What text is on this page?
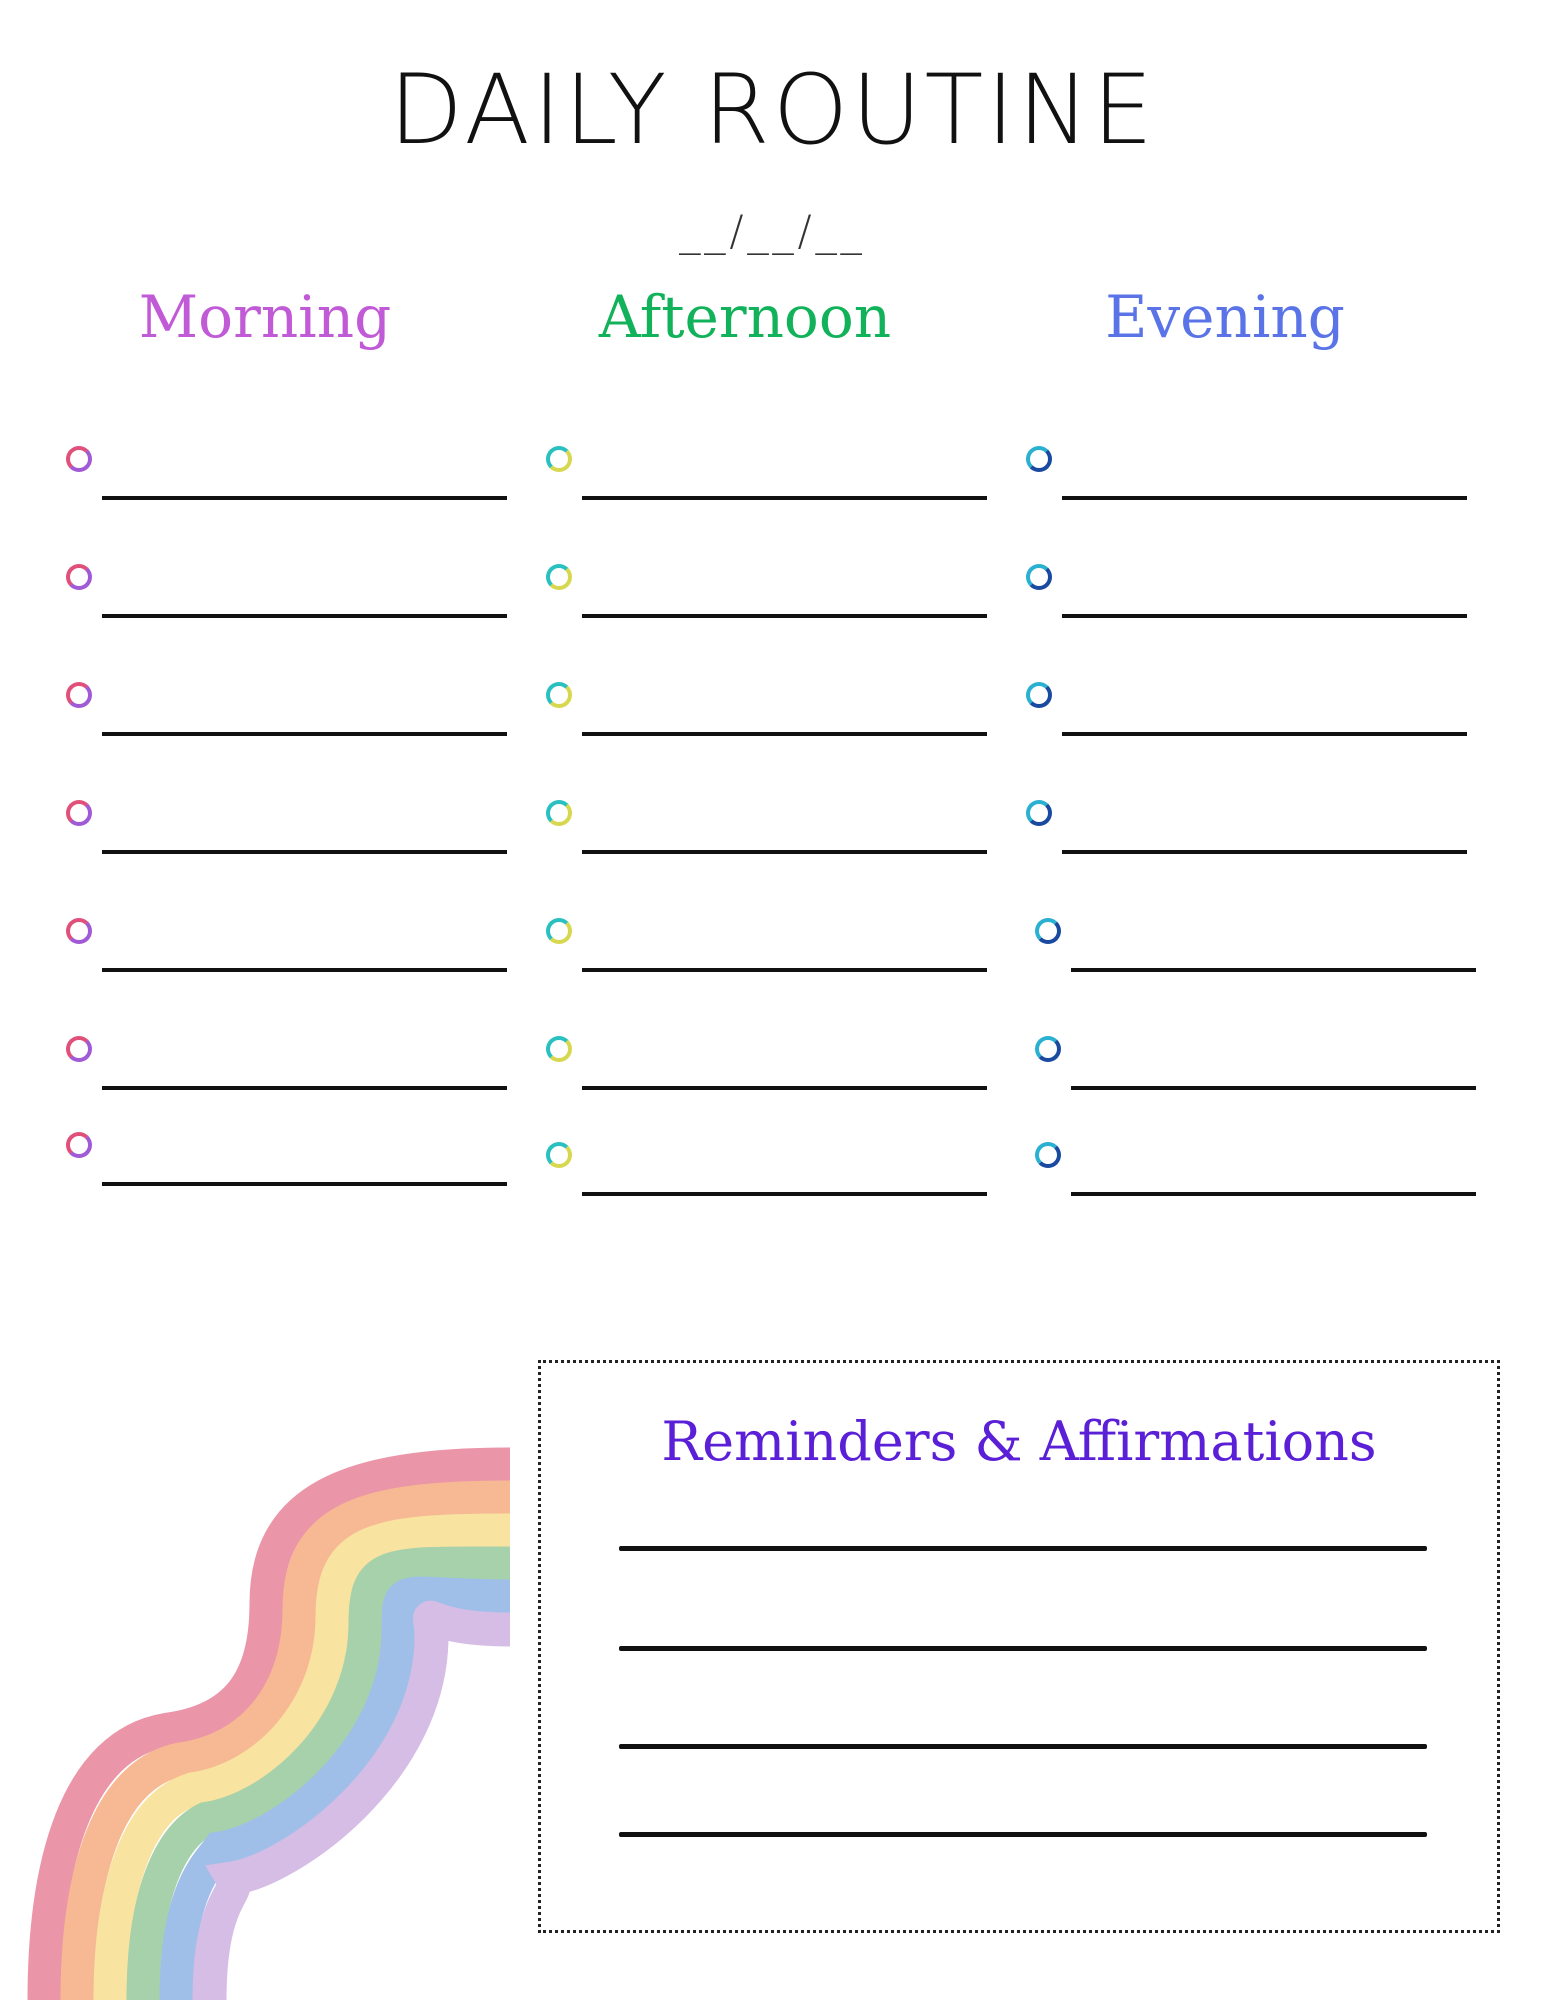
DAILY ROUTINE
__/__/__
Morning	Afternoon	Evening
Reminders & Affirmations
